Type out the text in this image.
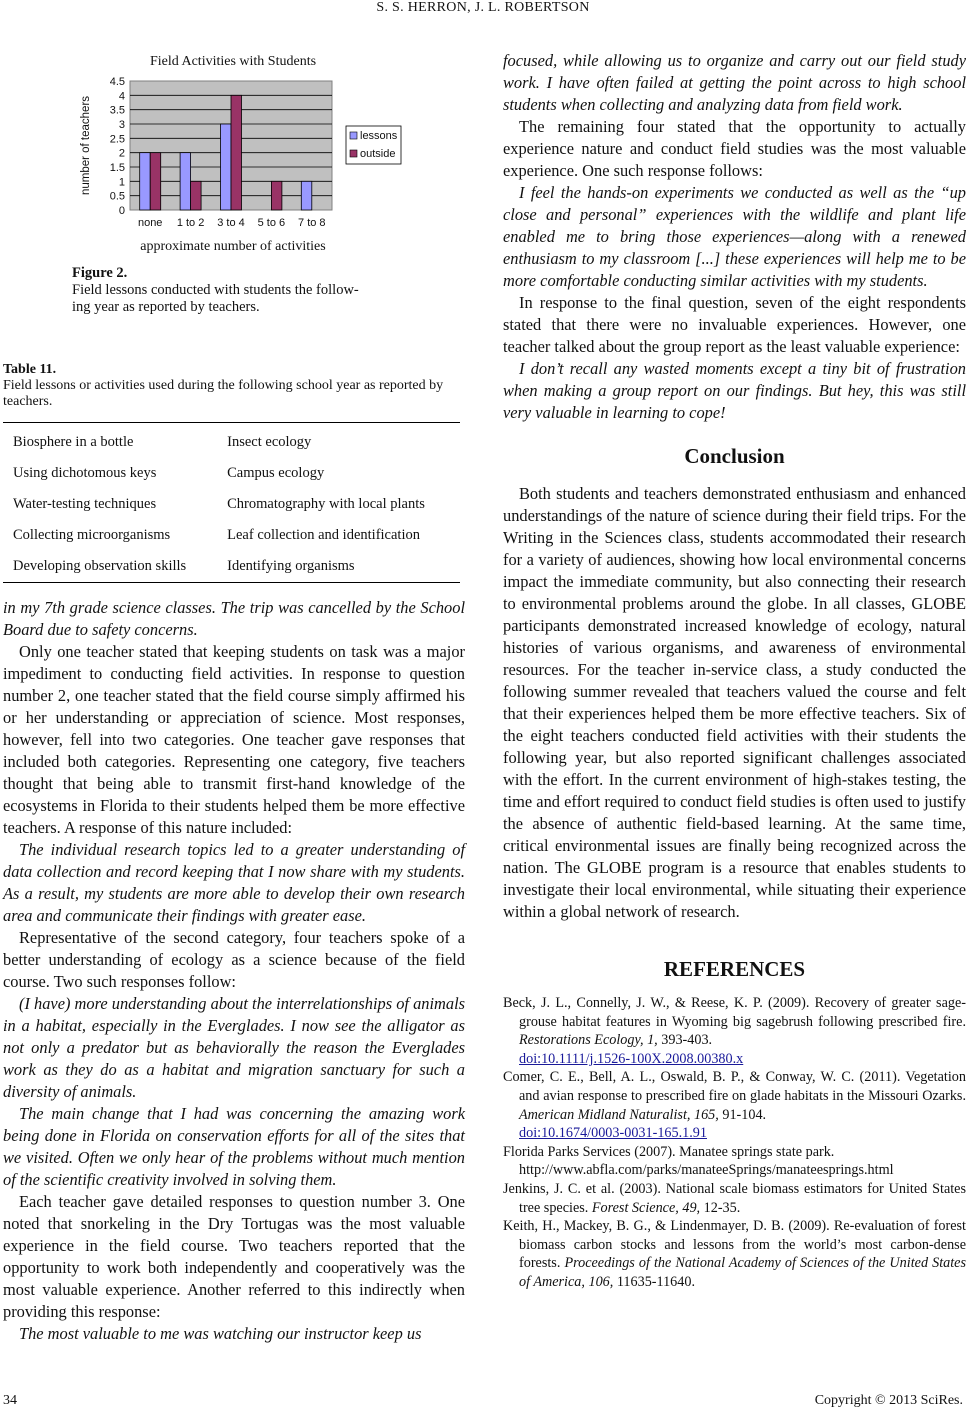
S. S. HERRON, J. L. ROBERTSON
Field Activities with Students
0
0.5
1
1.5
2
2.5
3
3.5
4
4.5
number of teachers
none 1 to 2 3 to 4 5 to 6 7 to 8
approximate number of activities
lessons
outside
Figure 2.
Field lessons conducted with students the follow-
ing year as reported by teachers.
Table 11.
Field lessons or activities used during the following school year as reported by teachers.
Biosphere in a bottle	Insect ecology
Using dichotomous keys	Campus ecology
Water-testing techniques	Chromatography with local plants
Collecting microorganisms	Leaf collection and identification
Developing observation skills	Identifying organisms

in my 7th grade science classes. The trip was cancelled by the School Board due to safety concerns.

Only one teacher stated that keeping students on task was a major impediment to conducting field activities. In response to question number 2, one teacher stated that the field course simply affirmed his or her understanding or appreciation of science. Most responses, however, fell into two categories. One teacher gave responses that included both categories. Representing one category, five teachers thought that being able to transmit first-hand knowledge of the ecosystems in Florida to their students helped them be more effective teachers. A response of this nature included:

The individual research topics led to a greater understanding of data collection and record keeping that I now share with my students. As a result, my students are more able to develop their own research area and communicate their findings with greater ease.

Representative of the second category, four teachers spoke of a better understanding of ecology as a science because of the field course. Two such responses follow:

(I have) more understanding about the interrelationships of animals in a habitat, especially in the Everglades. I now see the alligator as not only a predator but as behaviorally the reason the Everglades work as they do as a habitat and migration sanctuary for such a diversity of animals.

The main change that I had was concerning the amazing work being done in Florida on conservation efforts for all of the sites that we visited. Often we only hear of the problems without much mention of the scientific creativity involved in solving them.

Each teacher gave detailed responses to question number 3. One noted that snorkeling in the Dry Tortugas was the most valuable experience in the field course. Two teachers reported that the opportunity to work both independently and cooperatively was the most valuable experience. Another referred to this indirectly when providing this response:

The most valuable to me was watching our instructor keep us

focused, while allowing us to organize and carry out our field study work. I have often failed at getting the point across to high school students when collecting and analyzing data from field work.

The remaining four stated that the opportunity to actually experience nature and conduct field studies was the most valuable experience. One such response follows:

I feel the hands-on experiments we conducted as well as the “up close and personal” experiences with the wildlife and plant life enabled me to bring those experiences—along with a renewed enthusiasm to my classroom [...] these experiences will help me to be more comfortable conducting similar activities with my students.

In response to the final question, seven of the eight respondents stated that there were no invaluable experiences. However, one teacher talked about the group report as the least valuable experience:

I don’t recall any wasted moments except a tiny bit of frustration when making a group report on our findings. But hey, this was still very valuable in learning to cope!

Conclusion

Both students and teachers demonstrated enthusiasm and enhanced understandings of the nature of science during their field trips. For the Writing in the Sciences class, students accommodated their research for a variety of audiences, showing how local environmental concerns impact the immediate community, but also connecting their research to environmental problems around the globe. In all classes, GLOBE participants demonstrated increased knowledge of ecology, natural histories of various organisms, and awareness of environmental resources. For the teacher in-service class, a study conducted the following summer revealed that teachers valued the course and felt that their experiences helped them be more effective teachers. Six of the eight teachers conducted field activities with their students the following year, but also reported significant challenges associated with the effort. In the current environment of high-stakes testing, the time and effort required to conduct field studies is often used to justify the absence of authentic field-based learning. At the same time, critical environmental issues are finally being recognized across the nation. The GLOBE program is a resource that enables students to investigate their local environmental, while situating their experience within a global network of research.

REFERENCES

Beck, J. L., Connelly, J. W., & Reese, K. P. (2009). Recovery of greater sage-grouse habitat features in Wyoming big sagebrush following prescribed fire. Restorations Ecology, 1, 393-403.
doi:10.1111/j.1526-100X.2008.00380.x

Comer, C. E., Bell, A. L., Oswald, B. P., & Conway, W. C. (2011). Vegetation and avian response to prescribed fire on glade habitats in the Missouri Ozarks. American Midland Naturalist, 165, 91-104.
doi:10.1674/0003-0031-165.1.91

Florida Parks Services (2007). Manatee springs state park.
http://www.abfla.com/parks/manateeSprings/manateesprings.html

Jenkins, J. C. et al. (2003). National scale biomass estimators for United States tree species. Forest Science, 49, 12-35.

Keith, H., Mackey, B. G., & Lindenmayer, D. B. (2009). Re-evaluation of forest biomass carbon stocks and lessons from the world’s most carbon-dense forests. Proceedings of the National Academy of Sciences of the United States of America, 106, 11635-11640.

34	Copyright © 2013 SciRes.
